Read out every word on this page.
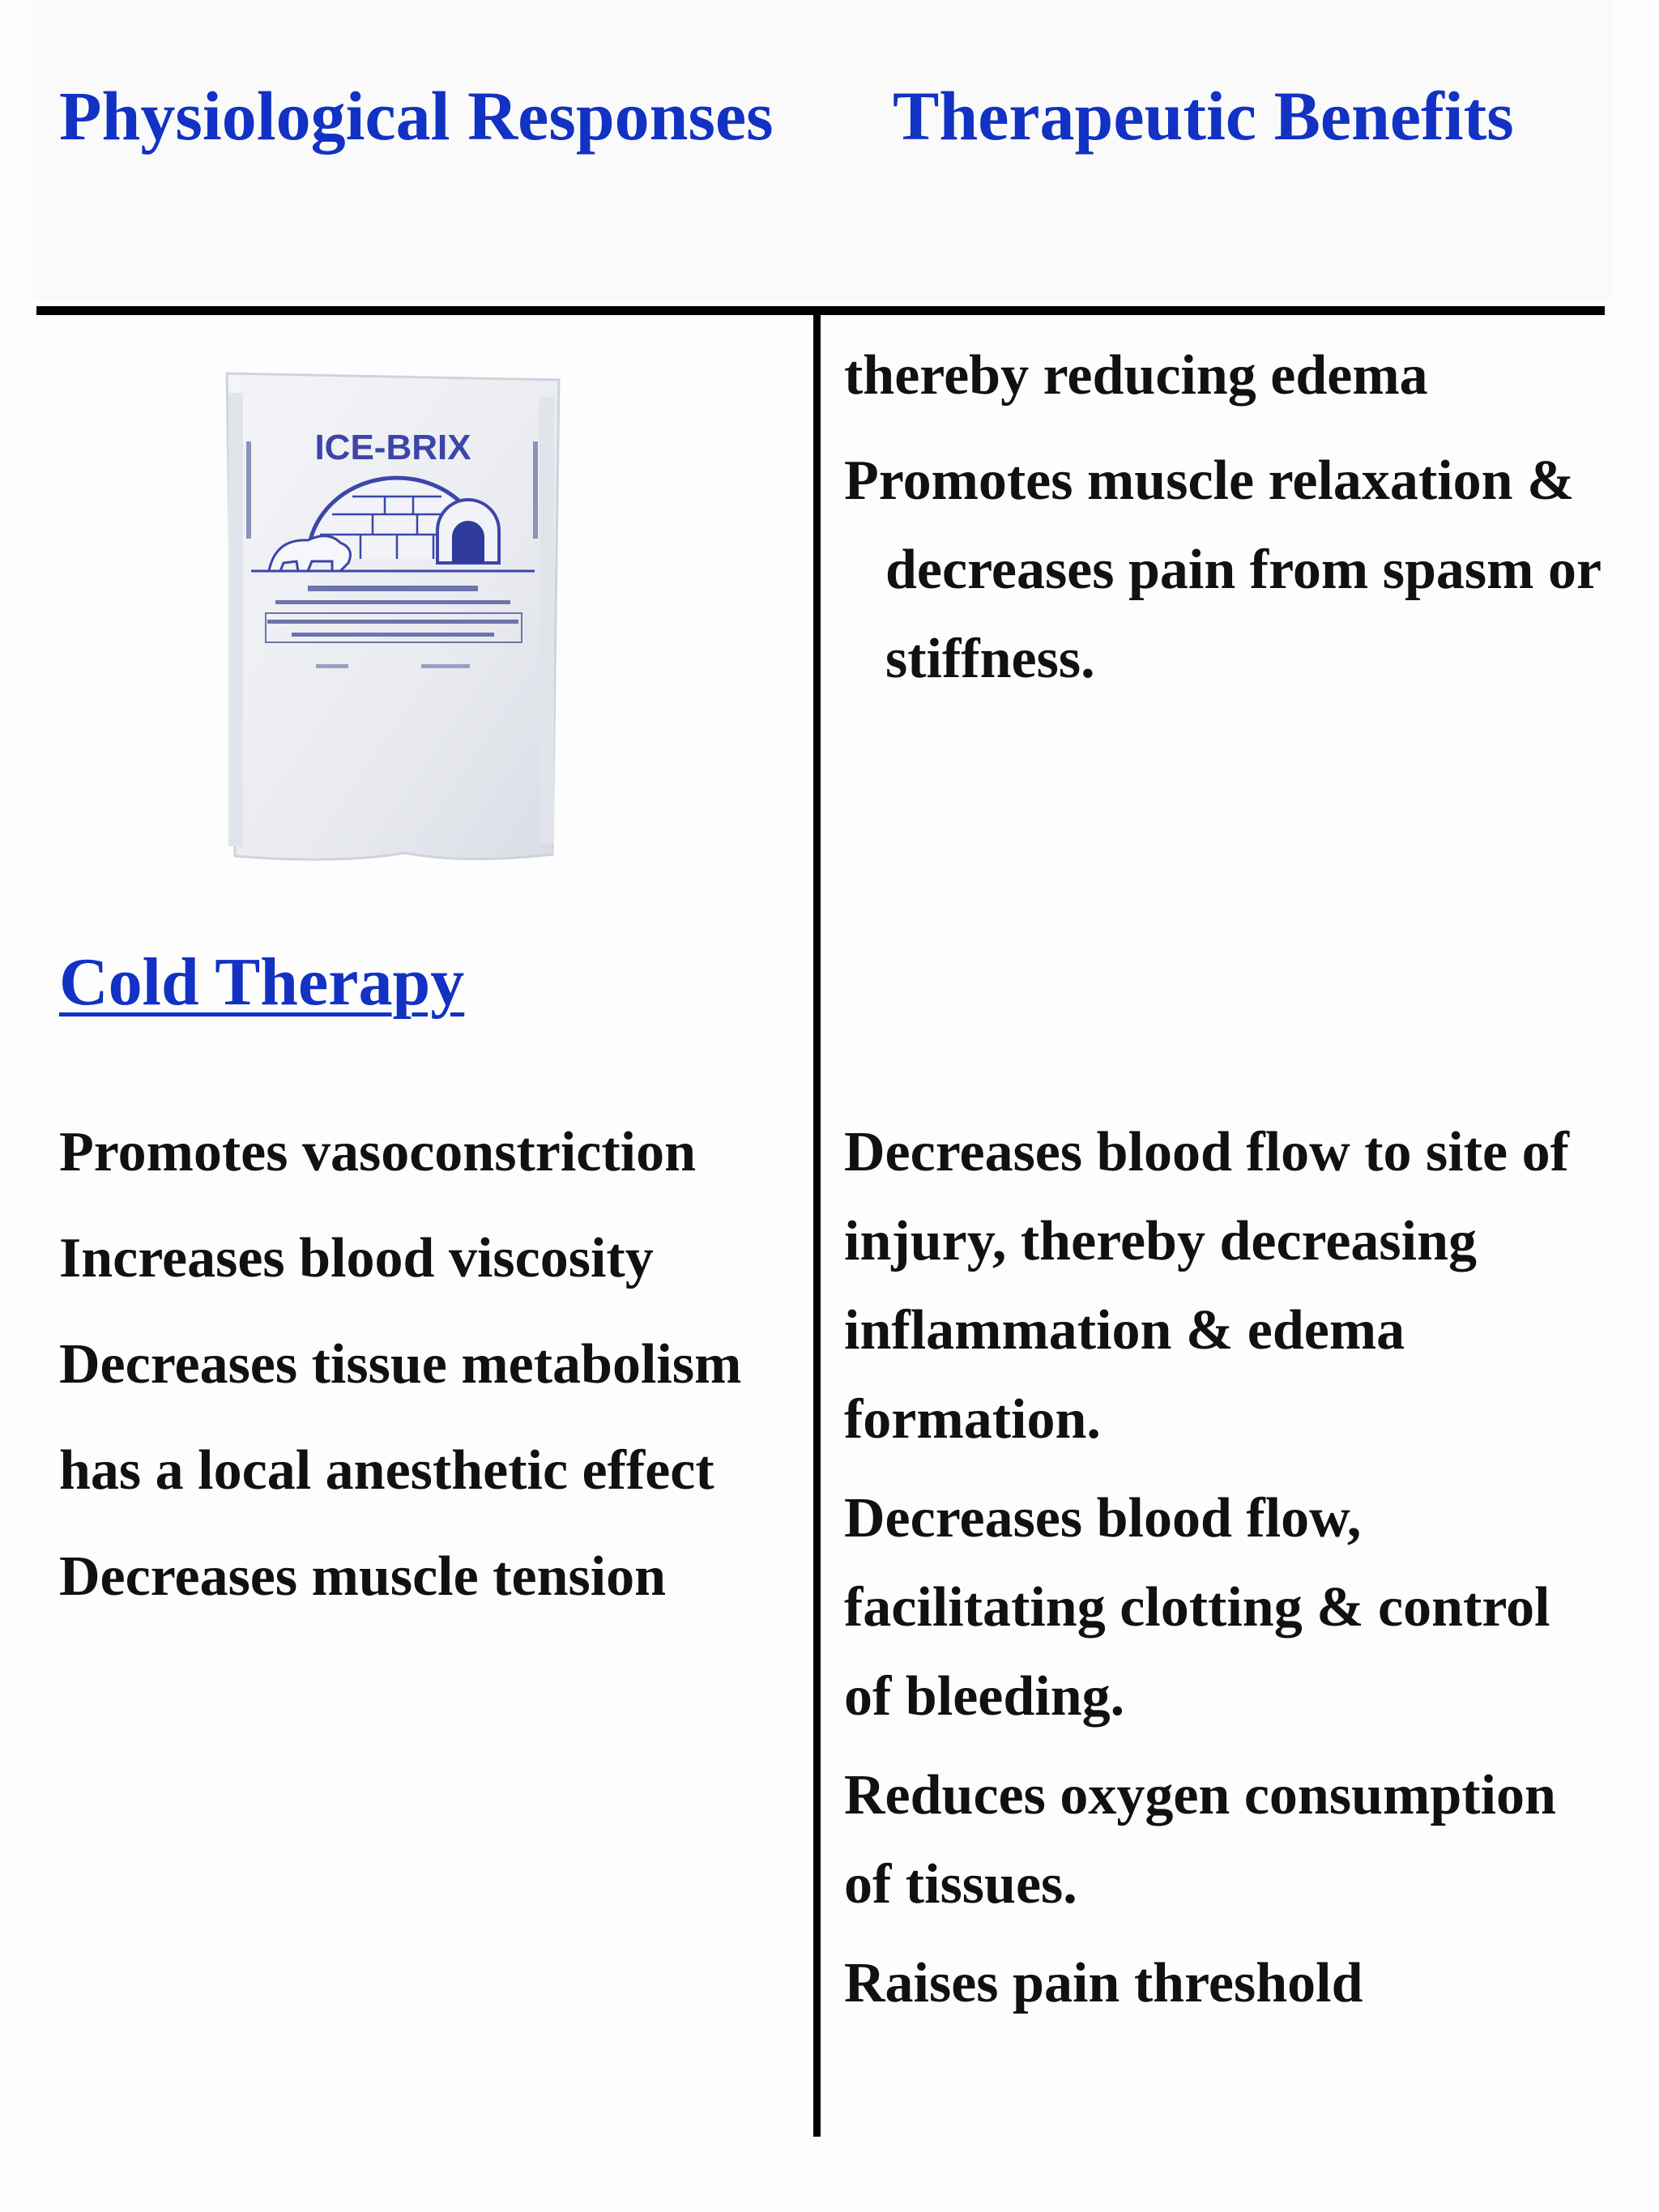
Physiological Responses Therapeutic Benefits
ICE-BRIX
Cold Therapy

thereby reducing edema

Promotes muscle relaxation & decreases pain from spasm or stiffness.

Promotes vasoconstriction

Increases blood viscosity

Decreases tissue metabolism

has a local anesthetic effect

Decreases muscle tension

Decreases blood flow to site of injury, thereby decreasing inflammation & edema formation.

Decreases blood flow, facilitating clotting & control of bleeding.

Reduces oxygen consumption of tissues.

Raises pain threshold
